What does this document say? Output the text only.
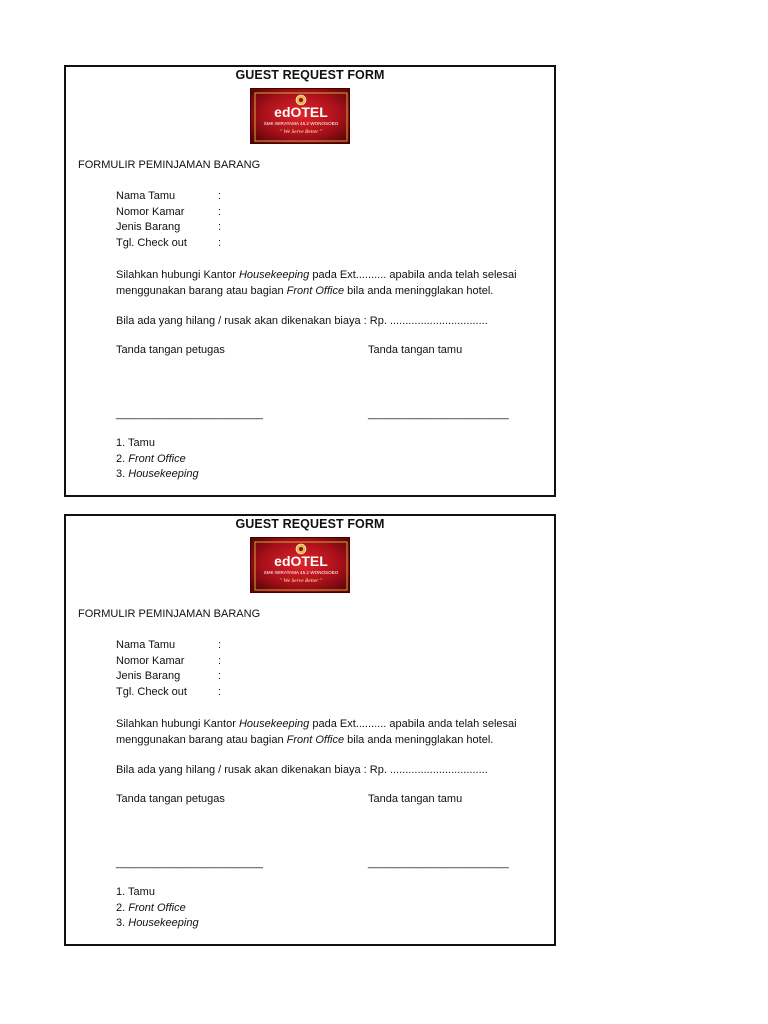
GUEST REQUEST FORM
edOTEL
SMK WIRATAMA 45.2 WONOSOBO
" We Serve Better "
FORMULIR PEMINJAMAN BARANG
Nama Tamu	:
Nomor Kamar	:
Jenis Barang	:
Tgl. Check out	:
Silahkan hubungi Kantor Housekeeping pada Ext.......... apabila anda telah selesai
menggunakan barang atau bagian Front Office bila anda meningglakan hotel.
Bila ada yang hilang / rusak akan dikenakan biaya : Rp. ................................
Tanda tangan petugas	Tanda tangan tamu
________________________	_______________________
1. Tamu
2. Front Office
3. Housekeeping
GUEST REQUEST FORM
edOTEL
SMK WIRATAMA 45.2 WONOSOBO
" We Serve Better "
FORMULIR PEMINJAMAN BARANG
Nama Tamu	:
Nomor Kamar	:
Jenis Barang	:
Tgl. Check out	:
Silahkan hubungi Kantor Housekeeping pada Ext.......... apabila anda telah selesai
menggunakan barang atau bagian Front Office bila anda meningglakan hotel.
Bila ada yang hilang / rusak akan dikenakan biaya : Rp. ................................
Tanda tangan petugas	Tanda tangan tamu
________________________	_______________________
1. Tamu
2. Front Office
3. Housekeeping
